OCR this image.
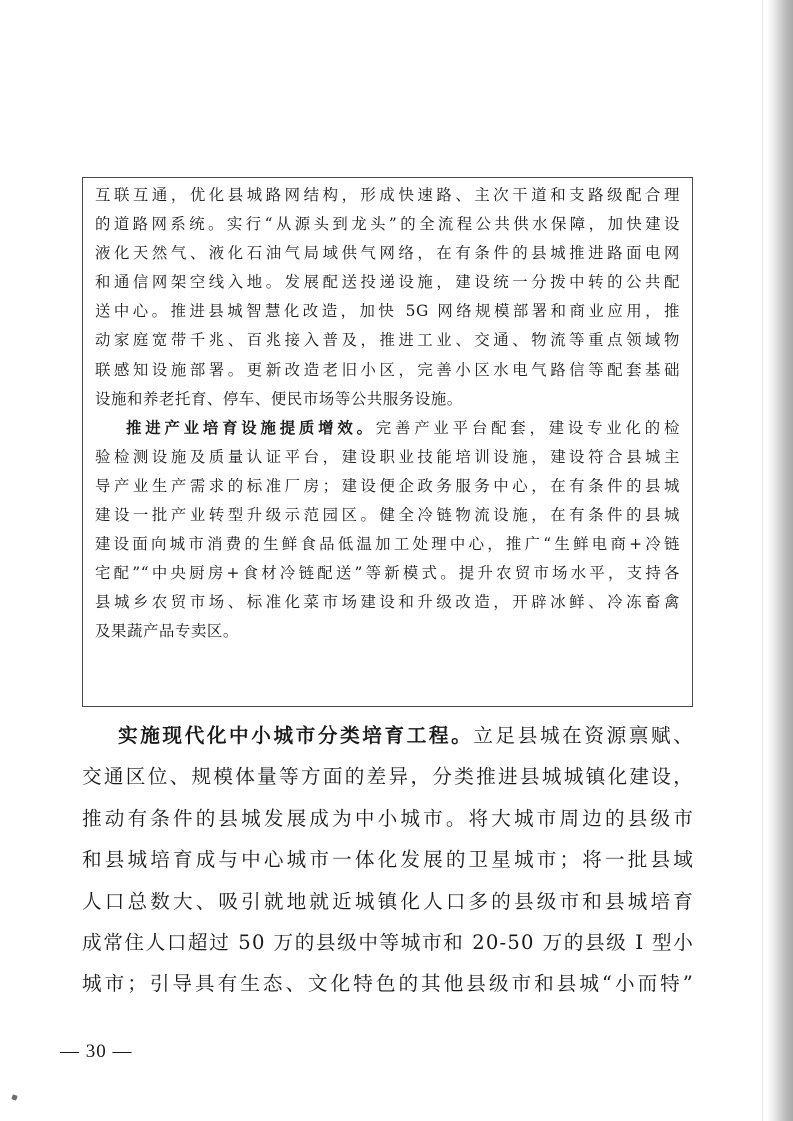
互联互通，优化县城路网结构，形成快速路、主次干道和支路级配合理
的道路网系统。实行“从源头到龙头”的全流程公共供水保障，加快建设
液化天然气、液化石油气局域供气网络，在有条件的县城推进路面电网
和通信网架空线入地。发展配送投递设施，建设统一分拨中转的公共配
送中心。推进县城智慧化改造，加快 5G 网络规模部署和商业应用，推
动家庭宽带千兆、百兆接入普及，推进工业、交通、物流等重点领域物
联感知设施部署。更新改造老旧小区，完善小区水电气路信等配套基础
设施和养老托育、停车、便民市场等公共服务设施。

推进产业培育设施提质增效。完善产业平台配套，建设专业化的检
验检测设施及质量认证平台，建设职业技能培训设施，建设符合县城主
导产业生产需求的标准厂房；建设便企政务服务中心，在有条件的县城
建设一批产业转型升级示范园区。健全冷链物流设施，在有条件的县城
建设面向城市消费的生鲜食品低温加工处理中心，推广“生鲜电商+冷链
宅配”“中央厨房+食材冷链配送”等新模式。提升农贸市场水平，支持各
县城乡农贸市场、标准化菜市场建设和升级改造，开辟冰鲜、冷冻畜禽
及果蔬产品专卖区。

实施现代化中小城市分类培育工程。立足县城在资源禀赋、
交通区位、规模体量等方面的差异，分类推进县城城镇化建设，
推动有条件的县城发展成为中小城市。将大城市周边的县级市
和县城培育成与中心城市一体化发展的卫星城市；将一批县域
人口总数大、吸引就地就近城镇化人口多的县级市和县城培育
成常住人口超过 50 万的县级中等城市和 20-50 万的县级 I 型小
城市；引导具有生态、文化特色的其他县级市和县城“小而特”
— 30 —
